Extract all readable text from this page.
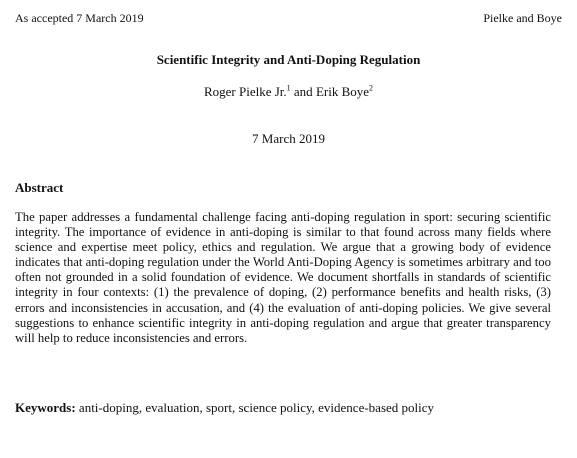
As accepted 7 March 2019	Pielke and Boye
Scientific Integrity and Anti-Doping Regulation
Roger Pielke Jr.$^1$ and Erik Boye$^2$
7 March 2019
Abstract

The paper addresses a fundamental challenge facing anti-doping regulation in sport: securing scientific integrity. The importance of evidence in anti-doping is similar to that found across many fields where science and expertise meet policy, ethics and regulation. We argue that a growing body of evidence indicates that anti-doping regulation under the World Anti-Doping Agency is sometimes arbitrary and too often not grounded in a solid foundation of evidence. We document shortfalls in standards of scientific integrity in four contexts: (1) the prevalence of doping, (2) performance benefits and health risks, (3) errors and inconsistencies in accusation, and (4) the evaluation of anti-doping policies. We give several suggestions to enhance scientific integrity in anti-doping regulation and argue that greater transparency will help to reduce inconsistencies and errors.

Keywords: anti-doping, evaluation, sport, science policy, evidence-based policy
